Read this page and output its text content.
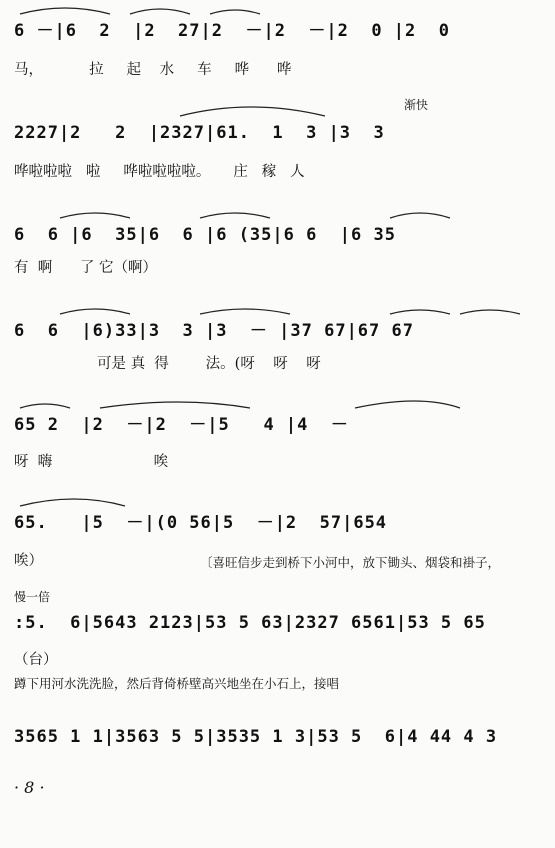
6 －|6  2  |2  27|2  －|2  －|2  0 |2  0
马，          拉     起    水     车     哗      哗
渐快
2227|2   2  |2327|61.  1  3 |3  3
哗啦啦啦   啦     哗啦啦啦啦。     庄   稼   人
6  6 |6  35|6  6 |6 (35|6 6  |6 35
有  啊      了 它（啊）
6  6  |6)33|3  3 |3  － |37 67|67 67
可是 真  得        法。(呀    呀    呀
65 2  |2  －|2  －|5   4 |4  －
呀  嗨                      唉
65.   |5  －|(0 56|5  －|2  57|654
唉）	〔喜旺信步走到桥下小河中，放下锄头、烟袋和褂子，
慢一倍
:5.  6|5643 2123|53 5 63|2327 6561|53 5 65
（台）
蹲下用河水洗洗脸，然后背倚桥壁高兴地坐在小石上，接唱
3565 1 1|3563 5 5|3535 1 3|53 5  6|4 44 4 3
· 8 ·
